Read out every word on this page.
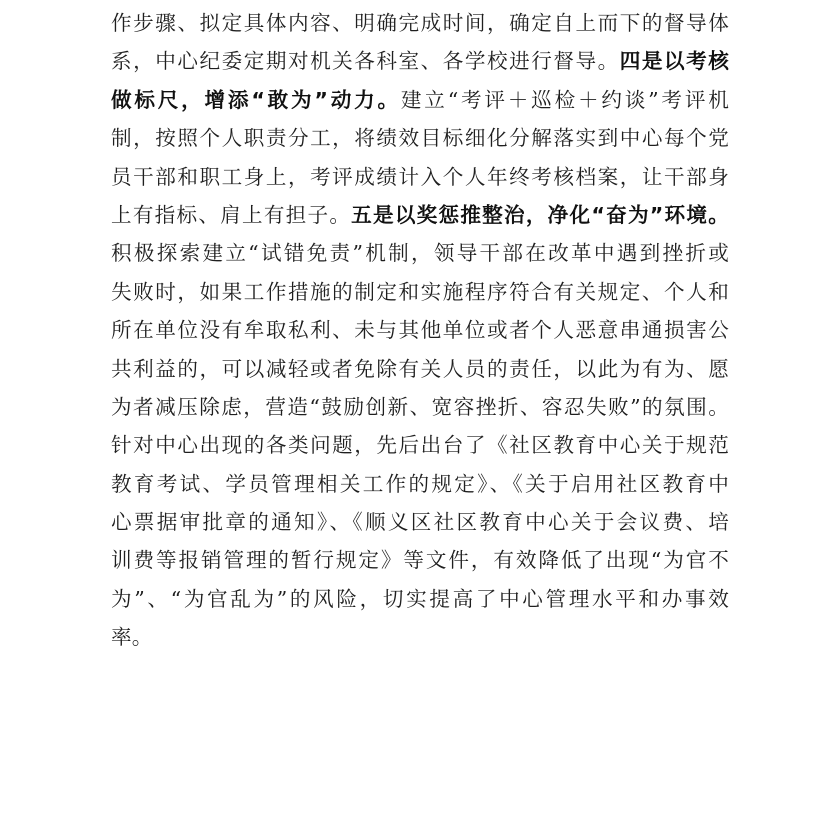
作步骤、拟定具体内容、明确完成时间，确定自上而下的督导体
系，中心纪委定期对机关各科室、各学校进行督导。四是以考核
做标尺，增添“敢为”动力。建立“考评＋巡检＋约谈”考评机
制，按照个人职责分工，将绩效目标细化分解落实到中心每个党
员干部和职工身上，考评成绩计入个人年终考核档案，让干部身
上有指标、肩上有担子。五是以奖惩推整治，净化“奋为”环境。
积极探索建立“试错免责”机制，领导干部在改革中遇到挫折或
失败时，如果工作措施的制定和实施程序符合有关规定、个人和
所在单位没有牟取私利、未与其他单位或者个人恶意串通损害公
共利益的，可以减轻或者免除有关人员的责任，以此为有为、愿
为者减压除虑，营造“鼓励创新、宽容挫折、容忍失败”的氛围。
针对中心出现的各类问题，先后出台了《社区教育中心关于规范
教育考试、学员管理相关工作的规定》、《关于启用社区教育中
心票据审批章的通知》、《顺义区社区教育中心关于会议费、培
训费等报销管理的暂行规定》等文件，有效降低了出现“为官不
为”、“为官乱为”的风险，切实提高了中心管理水平和办事效
率。
